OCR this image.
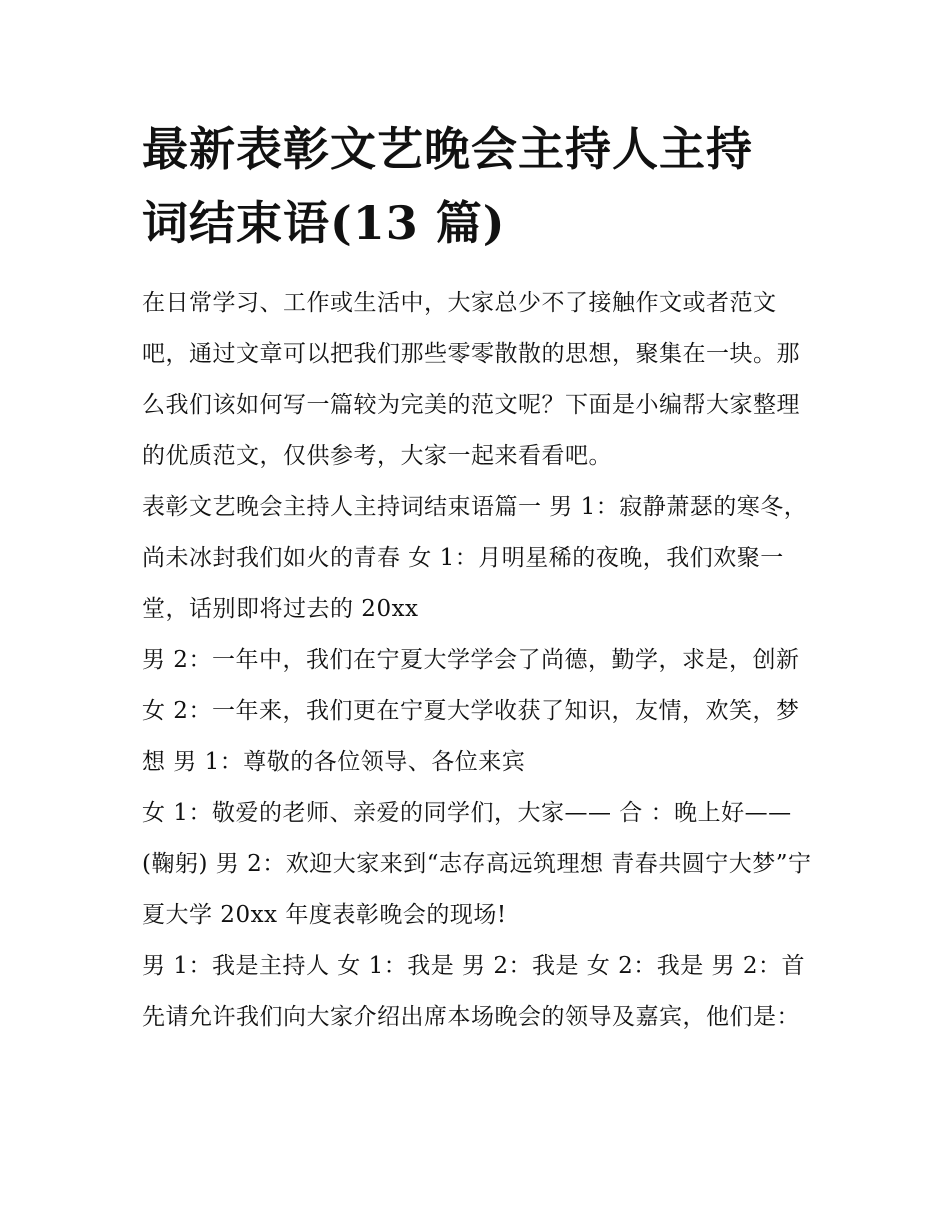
最新表彰文艺晚会主持人主持
词结束语(13 篇)

在日常学习、工作或生活中，大家总少不了接触作文或者范文吧，通过文章可以把我们那些零零散散的思想，聚集在一块。那么我们该如何写一篇较为完美的范文呢？下面是小编帮大家整理的优质范文，仅供参考，大家一起来看看吧。

表彰文艺晚会主持人主持词结束语篇一 男 1：寂静萧瑟的寒冬，尚未冰封我们如火的青春 女 1：月明星稀的夜晚，我们欢聚一堂，话别即将过去的 20xx

男 2：一年中，我们在宁夏大学学会了尚德，勤学，求是，创新 女 2：一年来，我们更在宁夏大学收获了知识，友情，欢笑，梦想 男 1：尊敬的各位领导、各位来宾

女 1：敬爱的老师、亲爱的同学们，大家—— 合 ：晚上好——(鞠躬) 男 2：欢迎大家来到“志存高远筑理想 青春共圆宁大梦”宁夏大学 20xx 年度表彰晚会的现场!

男 1：我是主持人 女 1：我是 男 2：我是 女 2：我是 男 2：首先请允许我们向大家介绍出席本场晚会的领导及嘉宾，他们是：
